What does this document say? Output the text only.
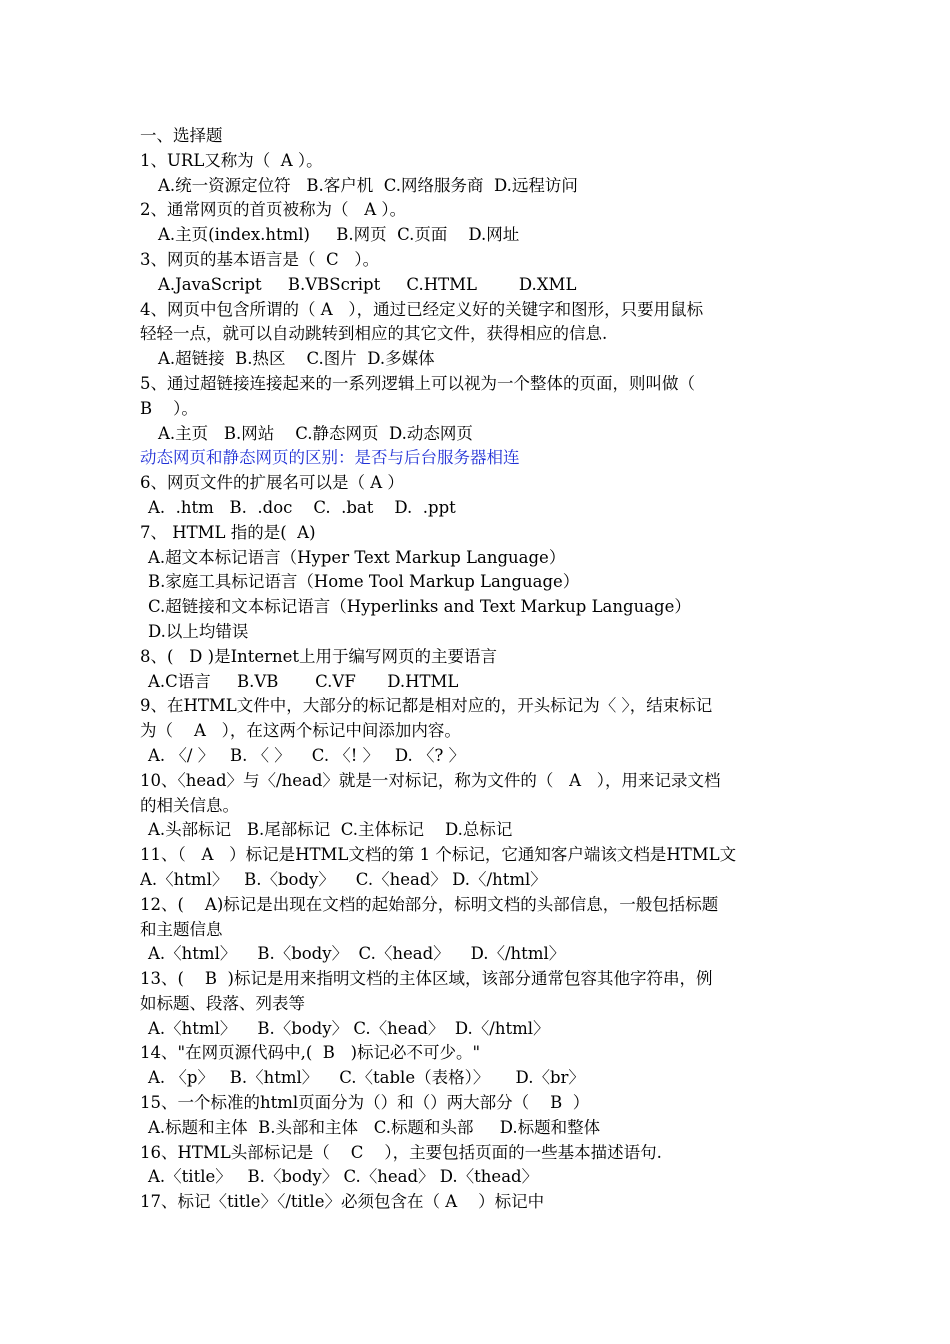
一、选择题
1、URL又称为（  A ）。
A.统一资源定位符   B.客户机  C.网络服务商  D.远程访问
2、通常网页的首页被称为（   A ）。
A.主页(index.html)     B.网页  C.页面    D.网址
3、网页的基本语言是（  C   ）。
A.JavaScript     B.VBScript     C.HTML        D.XML
4、网页中包含所谓的（ A   ），通过已经定义好的关键字和图形，只要用鼠标
轻轻一点，就可以自动跳转到相应的其它文件，获得相应的信息.
A.超链接  B.热区    C.图片  D.多媒体
5、通过超链接连接起来的一系列逻辑上可以视为一个整体的页面，则叫做（
B    ）。
A.主页   B.网站    C.静态网页  D.动态网页
动态网页和静态网页的区别：是否与后台服务器相连
6、网页文件的扩展名可以是（ A ）
A.  .htm   B.  .doc    C.  .bat    D.  .ppt
7、 HTML 指的是(  A)
A.超文本标记语言（Hyper Text Markup Language）
B.家庭工具标记语言（Home Tool Markup Language）
C.超链接和文本标记语言（Hyperlinks and Text Markup Language）
D.以上均错误
8、(   D )是Internet上用于编写网页的主要语言
A.C语言     B.VB       C.VF      D.HTML
9、在HTML文件中，大部分的标记都是相对应的，开头标记为〈 〉，结束标记
为（    A   ），在这两个标记中间添加内容。
A. 〈/ 〉   B. 〈 〉    C. 〈! 〉   D. 〈? 〉
10、〈head〉与〈/head〉就是一对标记，称为文件的（   A   ），用来记录文档
的相关信息。
A.头部标记   B.尾部标记  C.主体标记    D.总标记
11、（   A   ）标记是HTML文档的第 1 个标记，它通知客户端该文档是HTML文
A.〈html〉   B.〈body〉    C.〈head〉 D.〈/html〉
12、(    A)标记是出现在文档的起始部分，标明文档的头部信息，一般包括标题
和主题信息
A.〈html〉    B.〈body〉  C.〈head〉    D.〈/html〉
13、(    B  )标记是用来指明文档的主体区域，该部分通常包容其他字符串，例
如标题、段落、列表等
A.〈html〉    B.〈body〉 C.〈head〉  D.〈/html〉
14、"在网页源代码中,(  B   )标记必不可少。"
A. 〈p〉   B.〈html〉    C.〈table（表格）〉     D.〈br〉
15、一个标准的html页面分为（）和（）两大部分（    B  ）
A.标题和主体  B.头部和主体   C.标题和头部     D.标题和整体
16、HTML头部标记是（    C    ），主要包括页面的一些基本描述语句.
A.〈title〉   B.〈body〉 C.〈head〉 D.〈thead〉
17、标记〈title〉〈/title〉必须包含在（ A    ）标记中
